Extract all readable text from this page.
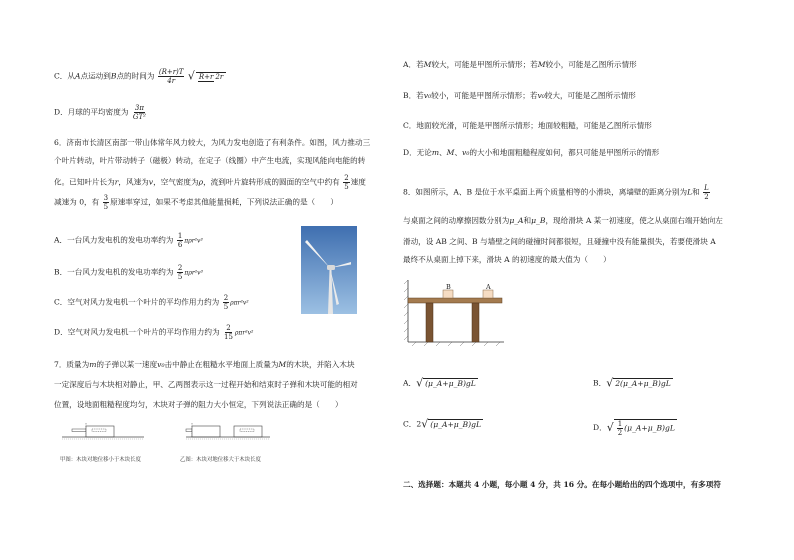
C．从A点运动到B点的时间为 $\frac{(R+r)T}{4r}$ √ R+r 2r
D．月球的平均密度为 $\frac{3\pi}{\text{GT²}}$
6．济南市长清区南部一带山体常年风力较大，为风力发电创造了有利条件。如图，风力推动三
个叶片转动，叶片带动转子（磁极）转动，在定子（线圈）中产生电流，实现风能向电能的转
化。已知叶片长为r，风速为v，空气密度为ρ，流到叶片旋转形成的圆面的空气中约有 $\frac{2}{5}$ 速度
减速为 0，有 $\frac{3}{5}$ 原速率穿过，如果不考虑其他能量损耗，下列说法正确的是（　　）
A．一台风力发电机的发电功率约为 $\frac{1}{6} \pi\rho r^2v^3$
B．一台风力发电机的发电功率约为 $\frac{2}{5} \pi\rho r^2v^3$
C．空气对风力发电机一个叶片的平均作用力约为 $\frac{2}{5} \rho\pi r^2v^2$
D．空气对风力发电机一个叶片的平均作用力约为 $\frac{2}{15} \rho\pi r^2v^2$
7．质量为m的子弹以某一速度v₀击中静止在粗糙水平地面上质量为M的木块，并陷入木块
一定深度后与木块相对静止，甲、乙两图表示这一过程开始和结束时子弹和木块可能的相对
位置，设地面粗糙程度均匀，木块对子弹的阻力大小恒定，下列说法正确的是（　　）
甲图：木块对地位移小于木块长度	乙图：木块对地位移大于木块长度
A．若M较大，可能是甲图所示情形；若M较小，可能是乙图所示情形
B．若v₀较小，可能是甲图所示情形；若v₀较大，可能是乙图所示情形
C．地面较光滑，可能是甲图所示情形；地面较粗糙，可能是乙图所示情形
D．无论m、M、v₀的大小和地面粗糙程度如何，都只可能是甲图所示的情形
8．如图所示，A、B 是位于水平桌面上两个质量相等的小滑块，离墙壁的距离分别为L和 $\frac{L}{2}$
与桌面之间的动摩擦因数分别为μ_A和μ_B，现给滑块 A 某一初速度，使之从桌面右端开始向左
滑动，设 AB 之间、B 与墙壁之间的碰撞时间都很短，且碰撞中没有能量损失，若要使滑块 A
最终不从桌面上掉下来，滑块 A 的初速度的最大值为（　　）
A．√ (μ_A+μ_B)gL	B．√ 2(μ_A+μ_B)gL
C．2√ (μ_A+μ_B)gL	D．√ $\frac{1}{2}$ (μ_A+μ_B)gL
二、选择题：本题共 4 小题，每小题 4 分，共 16 分。在每小题给出的四个选项中，有多项符
B	A
